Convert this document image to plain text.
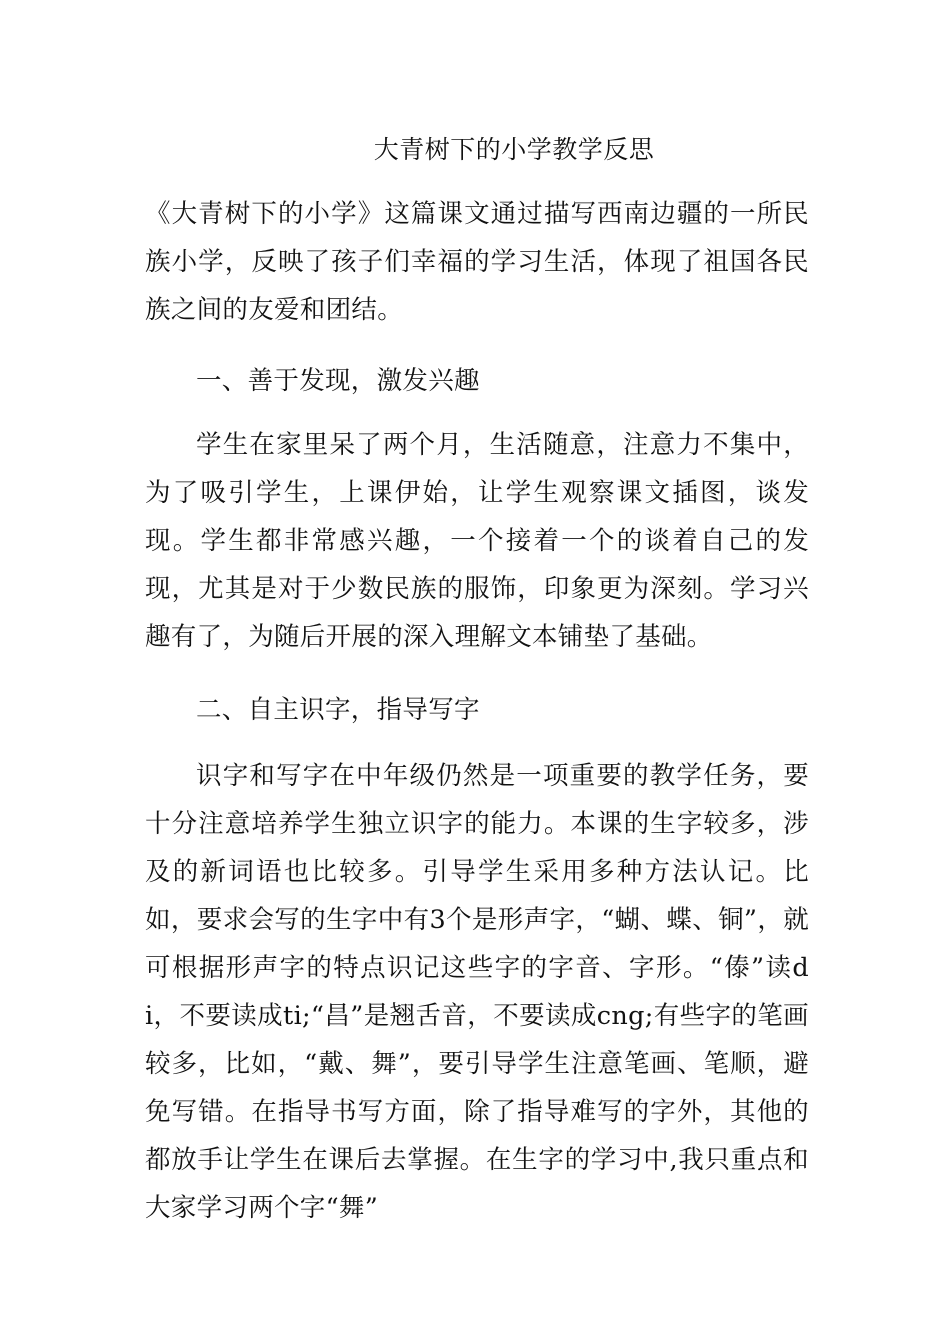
大青树下的小学教学反思

《大青树下的小学》这篇课文通过描写西南边疆的一所民族小学，反映了孩子们幸福的学习生活，体现了祖国各民族之间的友爱和团结。

一、善于发现，激发兴趣

学生在家里呆了两个月，生活随意，注意力不集中，为了吸引学生，上课伊始，让学生观察课文插图，谈发现。学生都非常感兴趣，一个接着一个的谈着自己的发现，尤其是对于少数民族的服饰，印象更为深刻。学习兴趣有了，为随后开展的深入理解文本铺垫了基础。

二、自主识字，指导写字

识字和写字在中年级仍然是一项重要的教学任务，要十分注意培养学生独立识字的能力。本课的生字较多，涉及的新词语也比较多。引导学生采用多种方法认记。比如，要求会写的生字中有3个是形声字，“蝴、蝶、铜”，就可根据形声字的特点识记这些字的字音、字形。“傣”读di，不要读成ti;“昌”是翘舌音，不要读成cng;有些字的笔画较多，比如，“戴、舞”，要引导学生注意笔画、笔顺，避免写错。在指导书写方面，除了指导难写的字外，其他的都放手让学生在课后去掌握。在生字的学习中,我只重点和大家学习两个字“舞”
